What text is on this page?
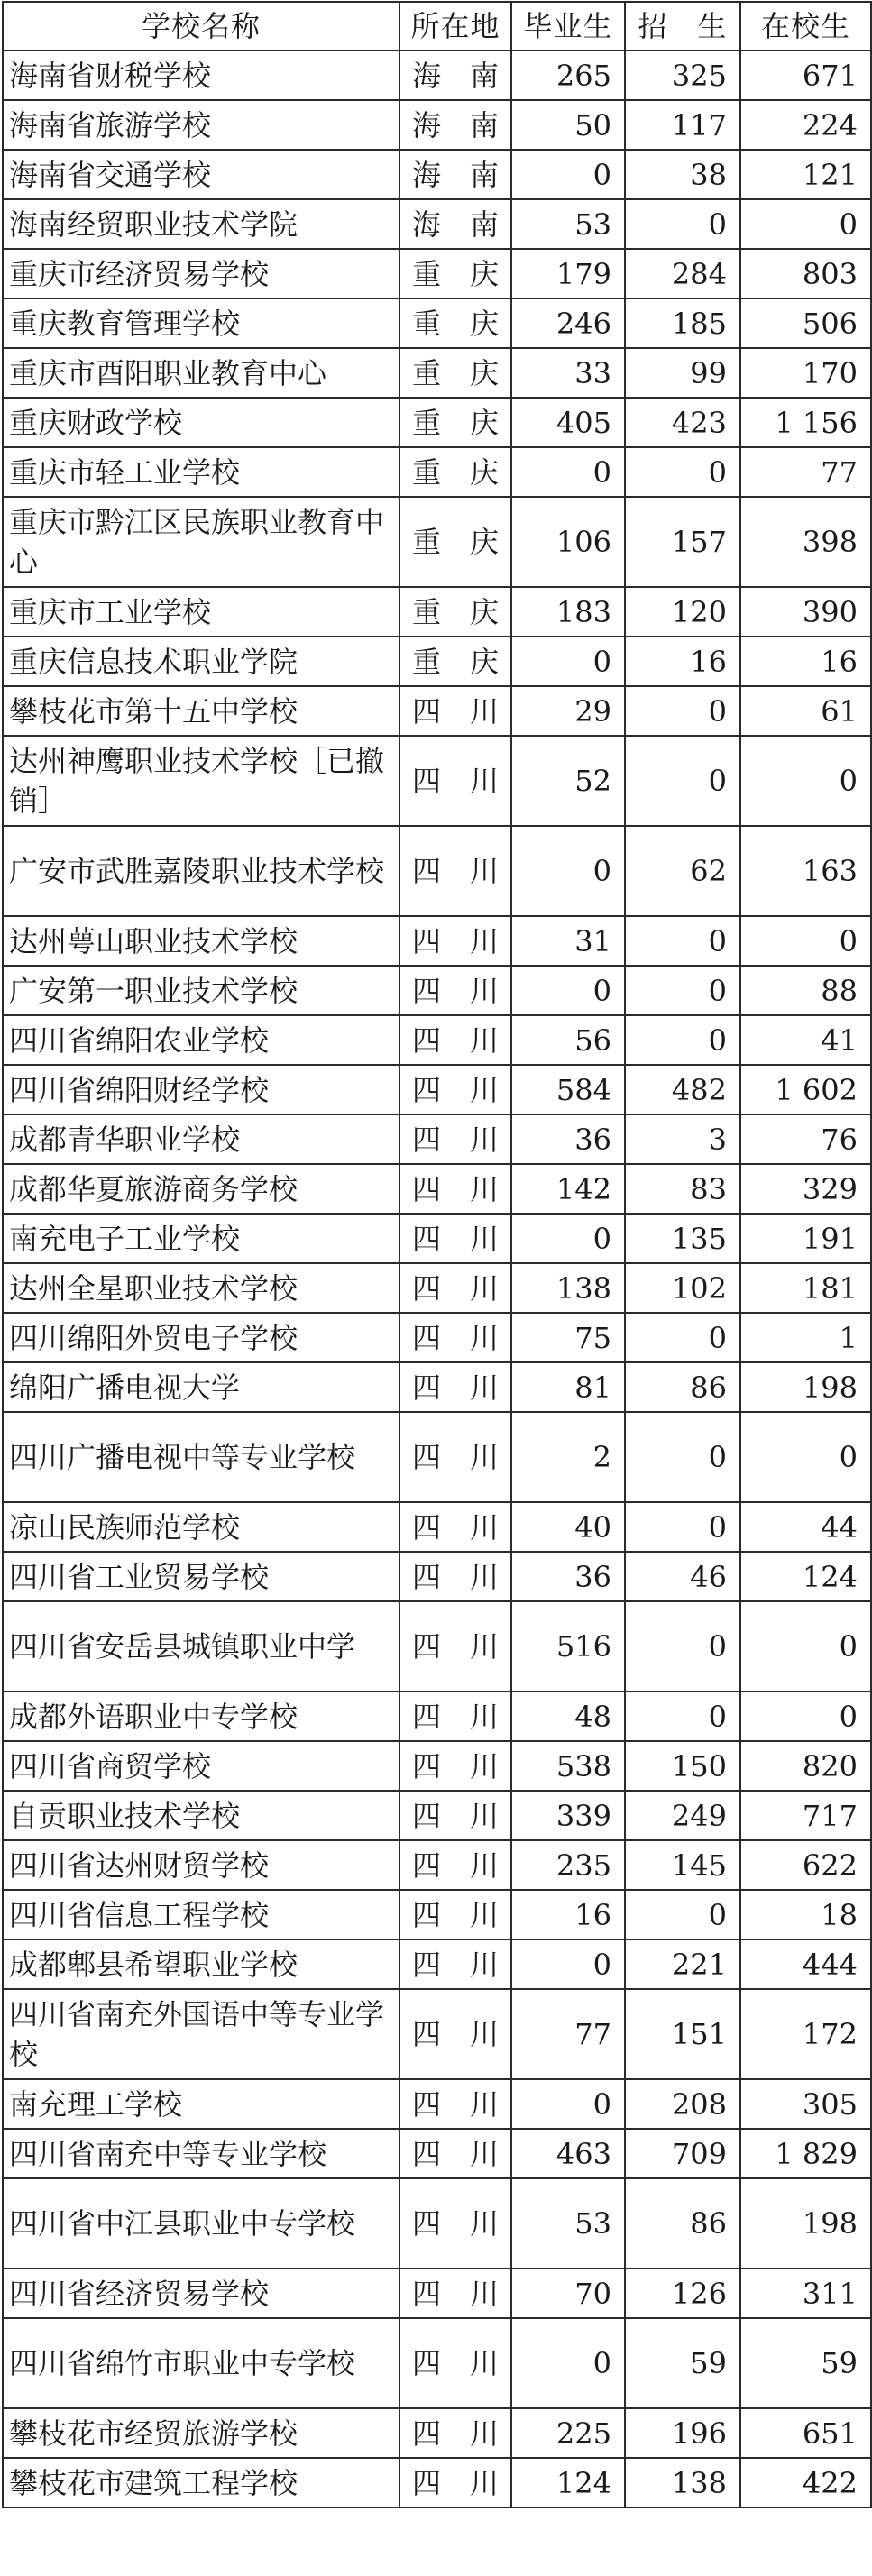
学校名称	所在地	毕业生	招　生	在校生
海南省财税学校	海　南	265	325	671
海南省旅游学校	海　南	50	117	224
海南省交通学校	海　南	0	38	121
海南经贸职业技术学院	海　南	53	0	0
重庆市经济贸易学校	重　庆	179	284	803
重庆教育管理学校	重　庆	246	185	506
重庆市酉阳职业教育中心	重　庆	33	99	170
重庆财政学校	重　庆	405	423	1 156
重庆市轻工业学校	重　庆	0	0	77
重庆市黔江区民族职业教育中心	重　庆	106	157	398
重庆市工业学校	重　庆	183	120	390
重庆信息技术职业学院	重　庆	0	16	16
攀枝花市第十五中学校	四　川	29	0	61
达州神鹰职业技术学校［已撤销］	四　川	52	0	0
广安市武胜嘉陵职业技术学校	四　川	0	62	163
达州萼山职业技术学校	四　川	31	0	0
广安第一职业技术学校	四　川	0	0	88
四川省绵阳农业学校	四　川	56	0	41
四川省绵阳财经学校	四　川	584	482	1 602
成都青华职业学校	四　川	36	3	76
成都华夏旅游商务学校	四　川	142	83	329
南充电子工业学校	四　川	0	135	191
达州全星职业技术学校	四　川	138	102	181
四川绵阳外贸电子学校	四　川	75	0	1
绵阳广播电视大学	四　川	81	86	198
四川广播电视中等专业学校	四　川	2	0	0
凉山民族师范学校	四　川	40	0	44
四川省工业贸易学校	四　川	36	46	124
四川省安岳县城镇职业中学	四　川	516	0	0
成都外语职业中专学校	四　川	48	0	0
四川省商贸学校	四　川	538	150	820
自贡职业技术学校	四　川	339	249	717
四川省达州财贸学校	四　川	235	145	622
四川省信息工程学校	四　川	16	0	18
成都郫县希望职业学校	四　川	0	221	444
四川省南充外国语中等专业学校	四　川	77	151	172
南充理工学校	四　川	0	208	305
四川省南充中等专业学校	四　川	463	709	1 829
四川省中江县职业中专学校	四　川	53	86	198
四川省经济贸易学校	四　川	70	126	311
四川省绵竹市职业中专学校	四　川	0	59	59
攀枝花市经贸旅游学校	四　川	225	196	651
攀枝花市建筑工程学校	四　川	124	138	422
